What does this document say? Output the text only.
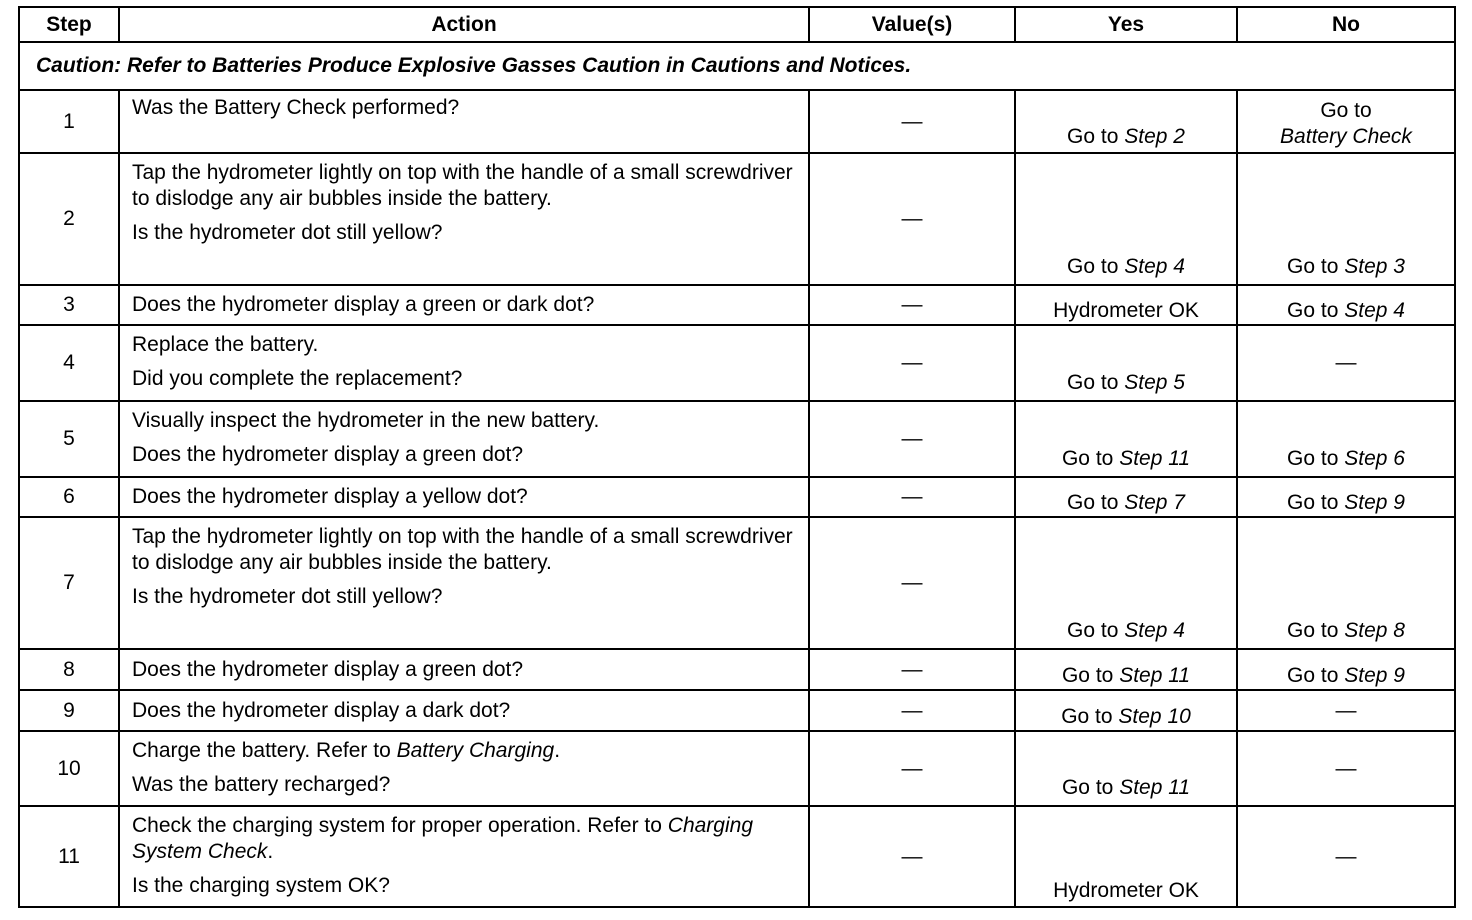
Step	Action	Value(s)	Yes	No
Caution: Refer to Batteries Produce Explosive Gasses Caution in Cautions and Notices.				
1	Was the Battery Check performed?	—	Go to Step 2	Go to
Battery Check

2	Tap the hydrometer lightly on top with the handle of a small screwdriver to dislodge any air bubbles inside the battery.
Is the hydrometer dot still yellow?	—	Go to Step 4	Go to Step 3

3	Does the hydrometer display a green or dark dot?	—	Hydrometer OK	Go to Step 4
4	Replace the battery.
Did you complete the replacement?	—	Go to Step 5	—
5	Visually inspect the hydrometer in the new battery.
Does the hydrometer display a green dot?	—	Go to Step 11	Go to Step 6

6	Does the hydrometer display a yellow dot?	—	Go to Step 7	Go to Step 9
7	Tap the hydrometer lightly on top with the handle of a small screwdriver to dislodge any air bubbles inside the battery.
Is the hydrometer dot still yellow?	—	Go to Step 4	Go to Step 8

8	Does the hydrometer display a green dot?	—	Go to Step 11	Go to Step 9
9	Does the hydrometer display a dark dot?	—	Go to Step 10	—
10	Charge the battery. Refer to Battery Charging.
Was the battery recharged?	—	Go to Step 11	—
11	Check the charging system for proper operation. Refer to Charging System Check.
Is the charging system OK?	—	Hydrometer OK	—
